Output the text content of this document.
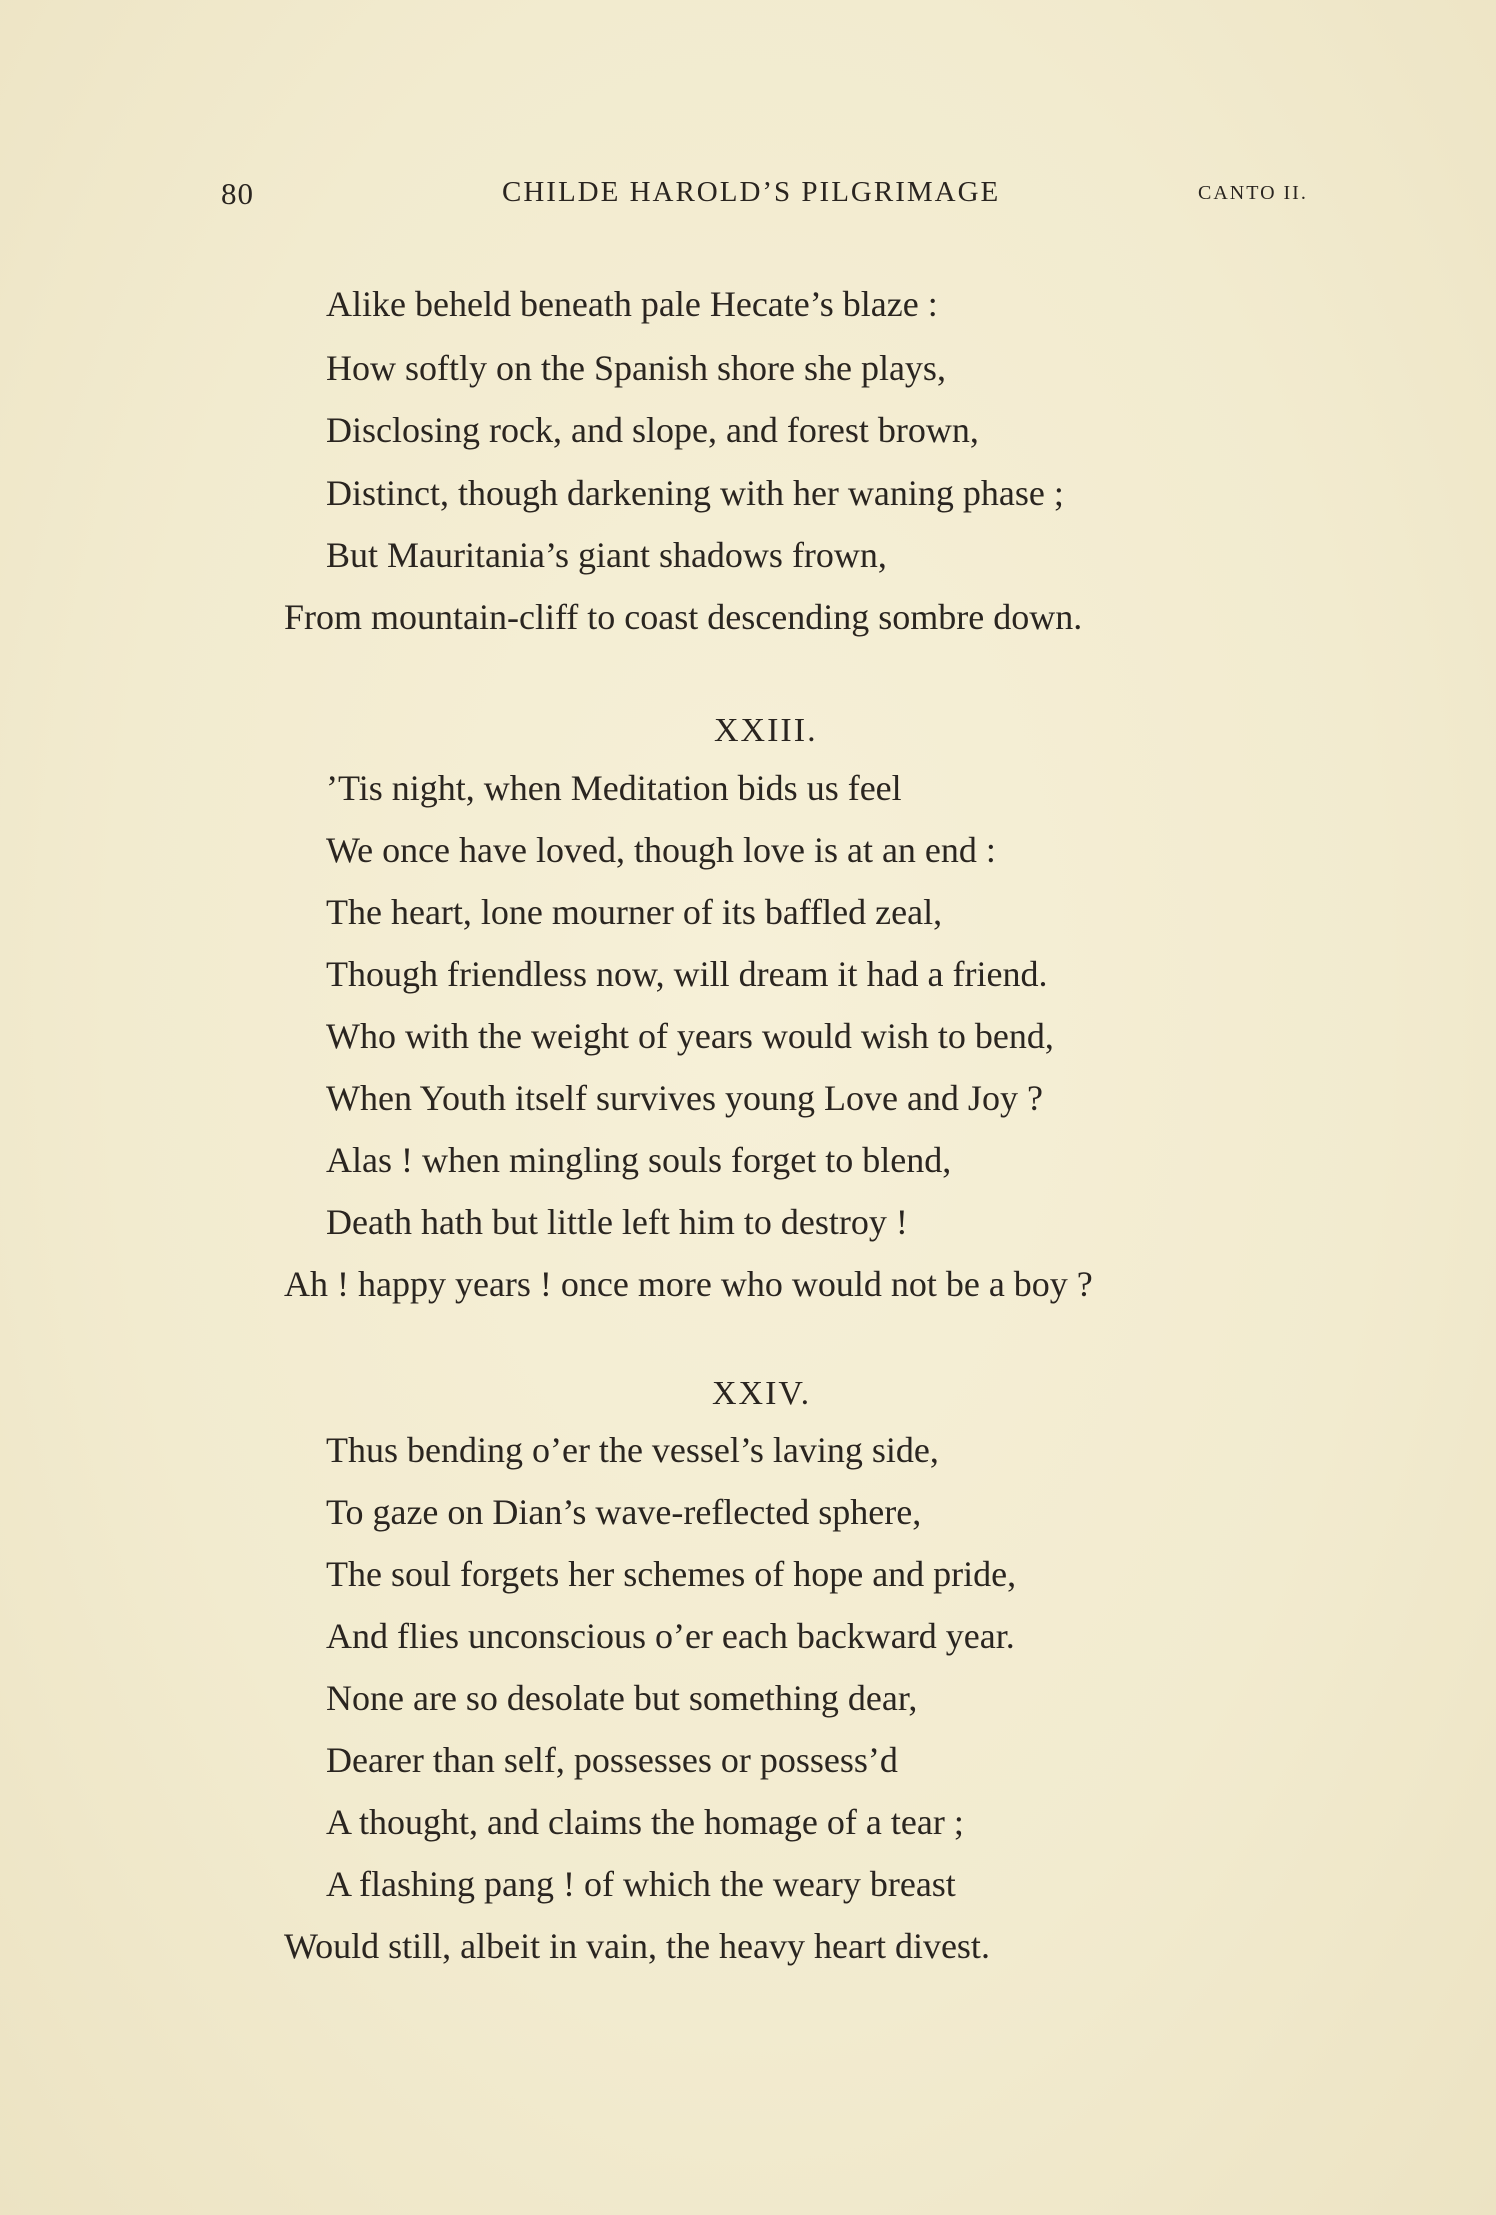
80	CHILDE HAROLD’S PILGRIMAGE	CANTO II.
Alike beheld beneath pale Hecate’s blaze :
How softly on the Spanish shore she plays,
Disclosing rock, and slope, and forest brown,
Distinct, though darkening with her waning phase ;
But Mauritania’s giant shadows frown,
From mountain-cliff to coast descending sombre down.
XXIII.
’Tis night, when Meditation bids us feel
We once have loved, though love is at an end :
The heart, lone mourner of its baffled zeal,
Though friendless now, will dream it had a friend.
Who with the weight of years would wish to bend,
When Youth itself survives young Love and Joy ?
Alas ! when mingling souls forget to blend,
Death hath but little left him to destroy !
Ah ! happy years ! once more who would not be a boy ?
XXIV.
Thus bending o’er the vessel’s laving side,
To gaze on Dian’s wave-reflected sphere,
The soul forgets her schemes of hope and pride,
And flies unconscious o’er each backward year.
None are so desolate but something dear,
Dearer than self, possesses or possess’d
A thought, and claims the homage of a tear ;
A flashing pang ! of which the weary breast
Would still, albeit in vain, the heavy heart divest.
